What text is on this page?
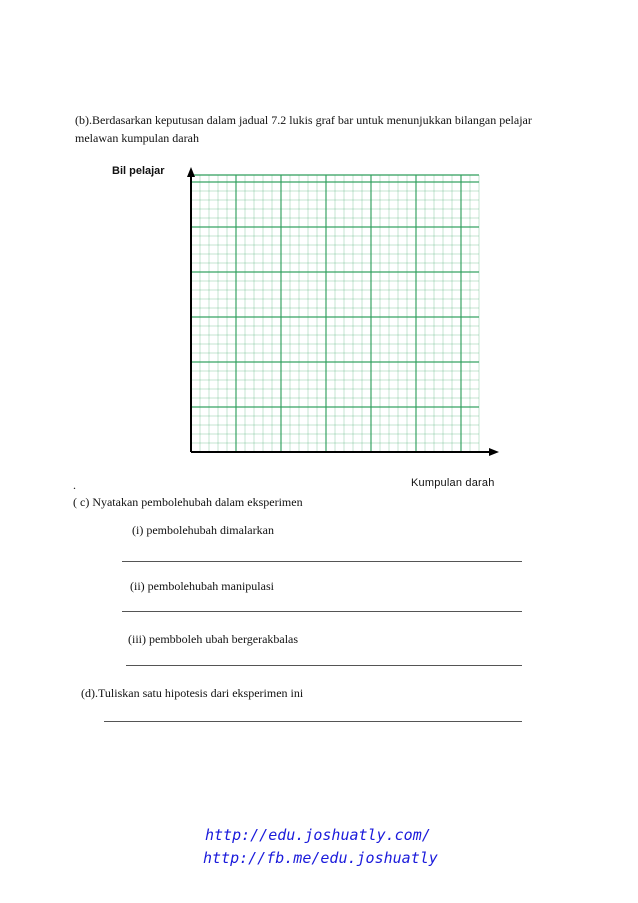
(b).Berdasarkan keputusan dalam jadual 7.2 lukis graf bar untuk menunjukkan bilangan pelajar
melawan kumpulan darah
Bil pelajar
Kumpulan darah
.
( c) Nyatakan pembolehubah dalam eksperimen
(i) pembolehubah dimalarkan
(ii) pembolehubah manipulasi
(iii) pembboleh ubah bergerakbalas
(d).Tuliskan satu hipotesis dari eksperimen ini
http://edu.joshuatly.com/
http://fb.me/edu.joshuatly
